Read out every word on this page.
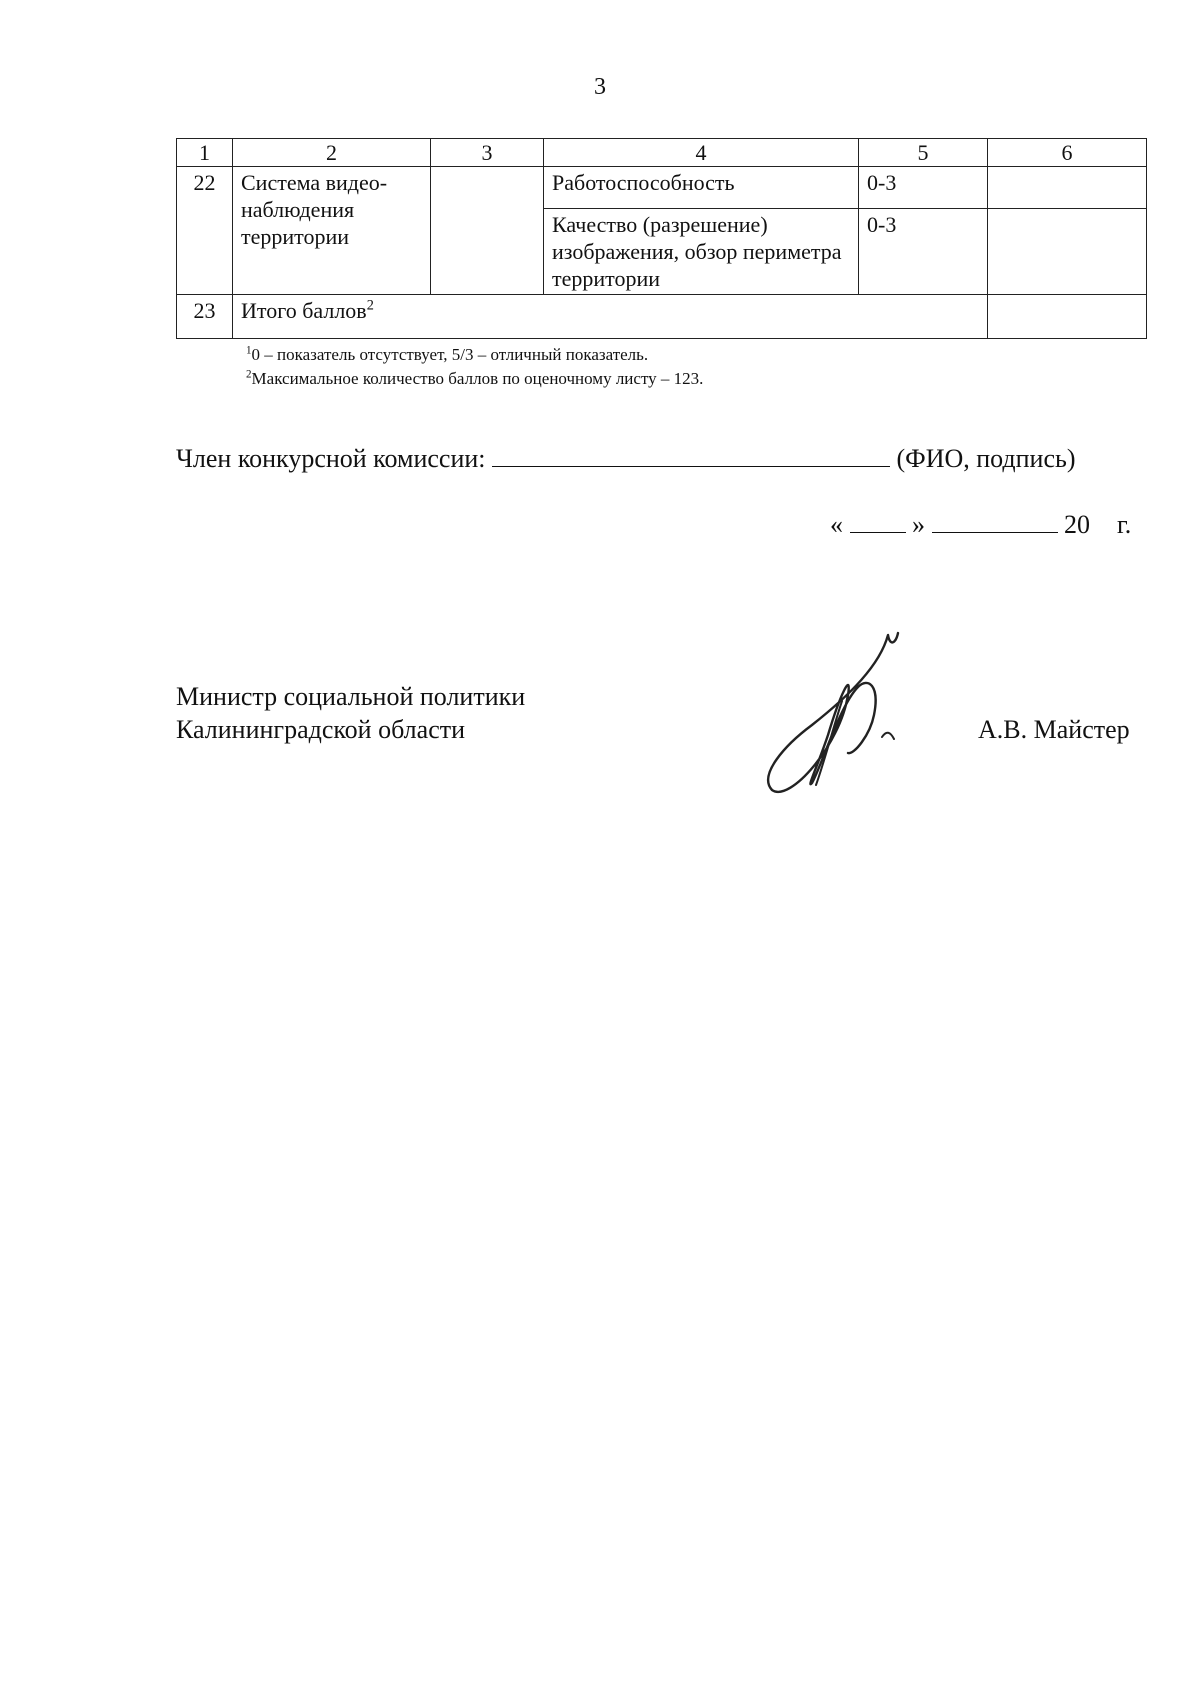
3
1	2	3	4	5	6
22	Система видео-наблюдения территории		Работоспособность	0-3	
			Качество (разрешение) изображения, обзор периметра территории	0-3	
23	Итого баллов$^2$	
$^1$0 – показатель отсутствует, 5/3 – отличный показатель.
$^2$Максимальное количество баллов по оценочному листу – 123.
Член конкурсной комиссии:	(ФИО, подпись)
«	»	20 г.
Министр социальной политики
Калининградской области	А.В. Майстер
